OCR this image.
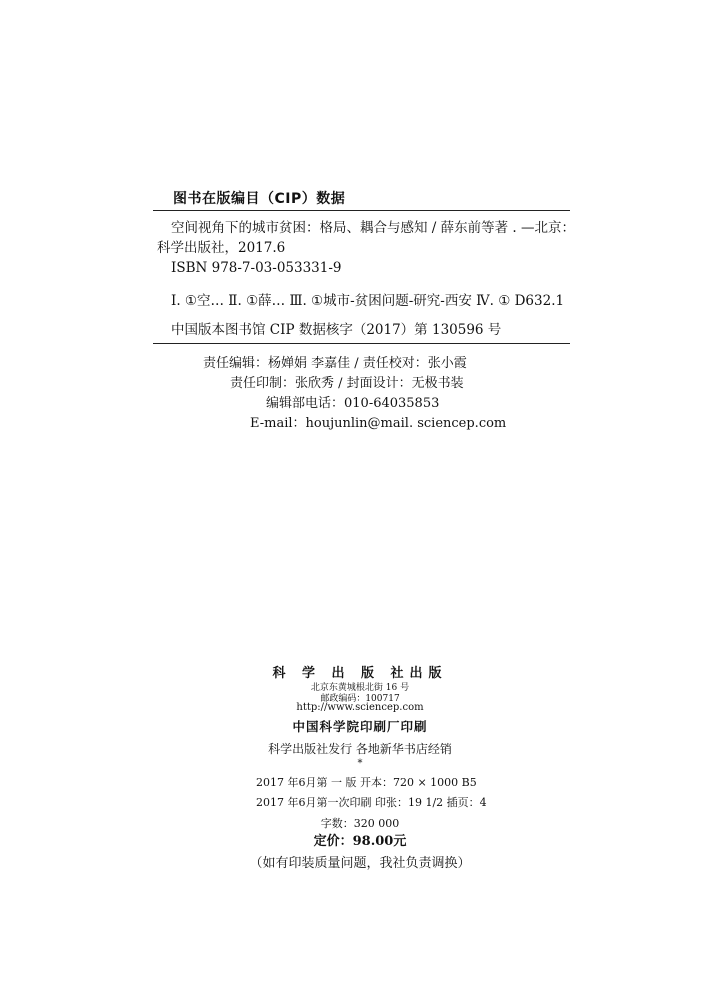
图书在版编目（CIP）数据
空间视角下的城市贫困：格局、耦合与感知 / 薛东前等著 . —北京：
科学出版社，2017.6
ISBN 978-7-03-053331-9
Ⅰ. ①空… Ⅱ. ①薛… Ⅲ. ①城市-贫困问题-研究-西安 Ⅳ. ① D632.1
中国版本图书馆 CIP 数据核字（2017）第 130596 号
责任编辑：杨婵娟 李嘉佳 / 责任校对：张小霞
责任印制：张欣秀 / 封面设计：无极书装
编辑部电话：010-64035853
E-mail：houjunlin@mail. sciencep.com
科 学 出 版 社出版
北京东黄城根北街 16 号
邮政编码：100717
http://www.sciencep.com
中国科学院印刷厂印刷
科学出版社发行 各地新华书店经销
*
2017 年6月第 一 版 开本：720 × 1000 B5
2017 年6月第一次印刷 印张：19 1/2 插页：4
字数：320 000
定价：98.00元
（如有印装质量问题，我社负责调换）
